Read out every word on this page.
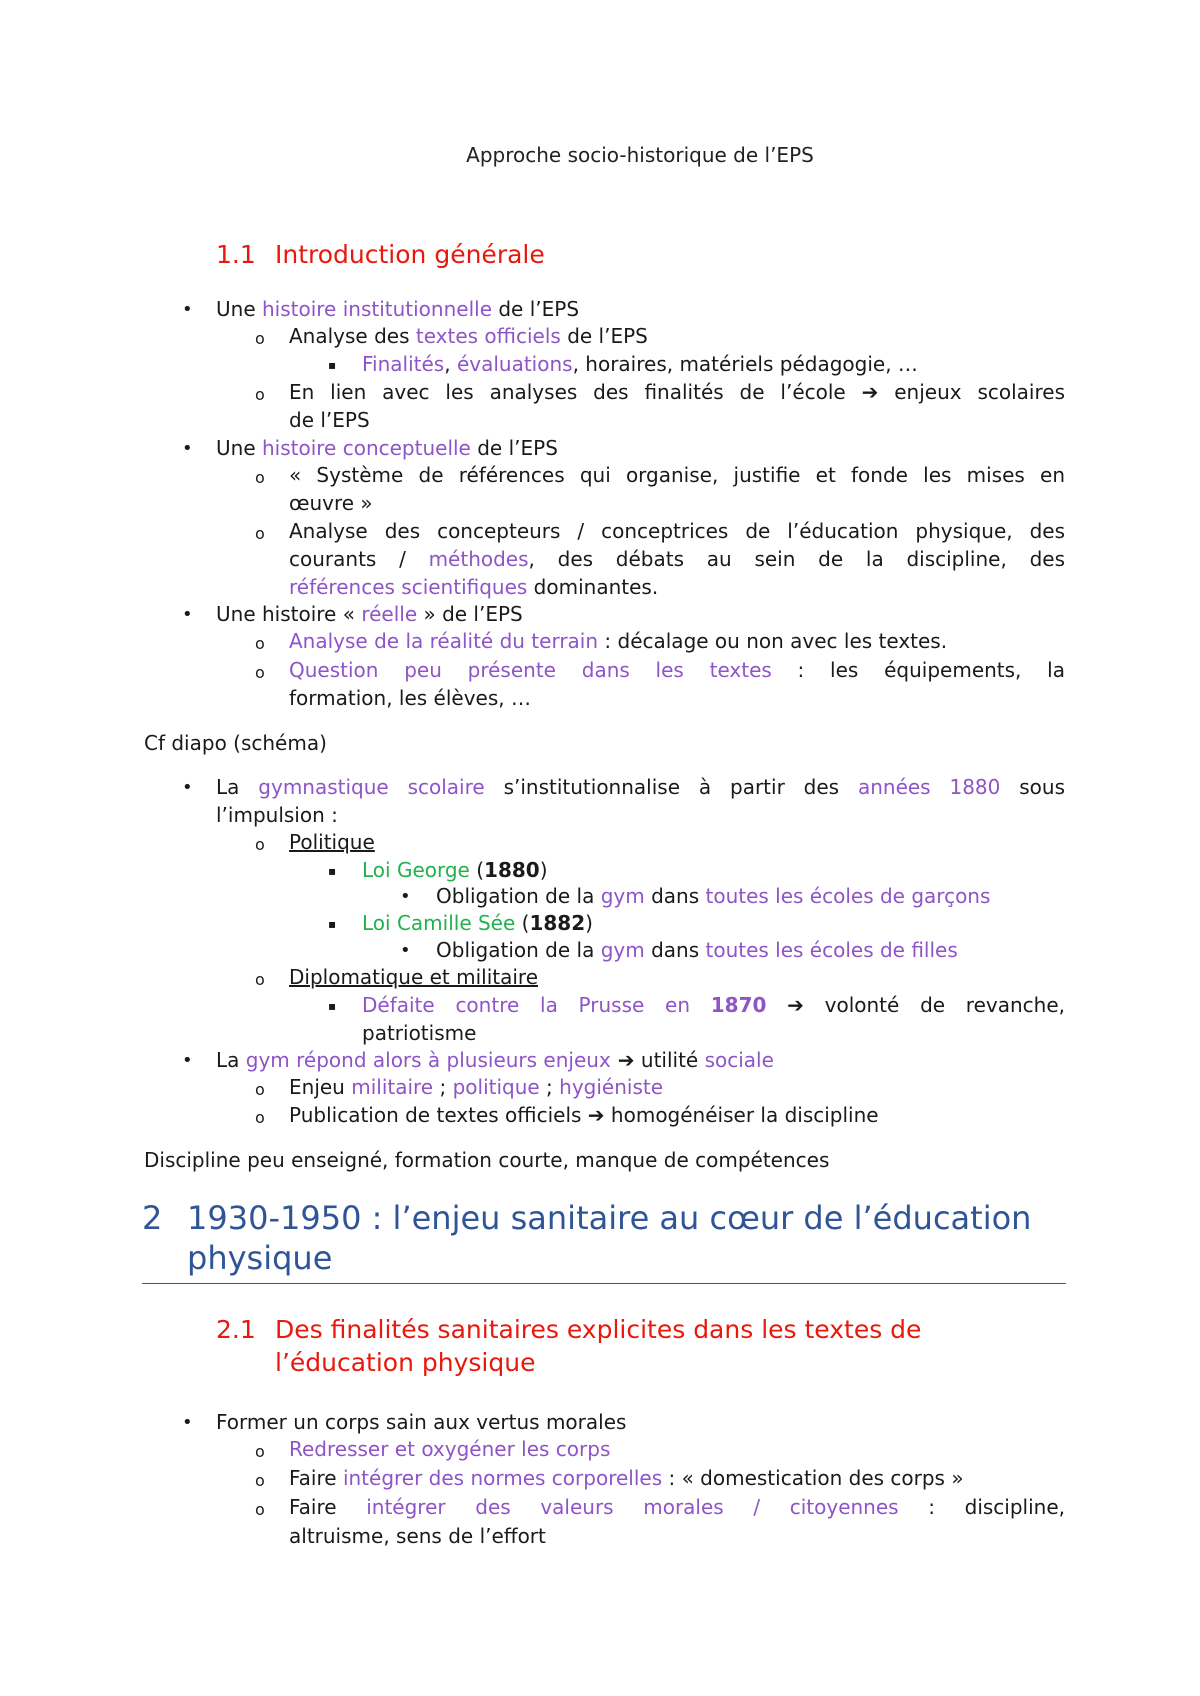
Approche socio-historique de l’EPS
1.1 Introduction générale
• Une histoire institutionnelle de l’EPS
o Analyse des textes officiels de l’EPS
▪ Finalités, évaluations, horaires, matériels pédagogie, …
o En lien avec les analyses des finalités de l’école ➔ enjeux scolaires
de l’EPS
• Une histoire conceptuelle de l’EPS
o « Système de références qui organise, justifie et fonde les mises en
œuvre »
o Analyse des concepteurs / conceptrices de l’éducation physique, des
courants / méthodes, des débats au sein de la discipline, des
références scientifiques dominantes.
• Une histoire « réelle » de l’EPS
o Analyse de la réalité du terrain : décalage ou non avec les textes.
o Question peu présente dans les textes : les équipements, la
formation, les élèves, …
Cf diapo (schéma)
• La gymnastique scolaire s’institutionnalise à partir des années 1880 sous
l’impulsion :
o Politique
▪ Loi George (1880)
• Obligation de la gym dans toutes les écoles de garçons
▪ Loi Camille Sée (1882)
• Obligation de la gym dans toutes les écoles de filles
o Diplomatique et militaire
▪ Défaite contre la Prusse en 1870 ➔ volonté de revanche,
patriotisme
• La gym répond alors à plusieurs enjeux ➔ utilité sociale
o Enjeu militaire ; politique ; hygiéniste
o Publication de textes officiels ➔ homogénéiser la discipline
Discipline peu enseigné, formation courte, manque de compétences
2 1930-1950 : l’enjeu sanitaire au cœur de l’éducation
physique
2.1 Des finalités sanitaires explicites dans les textes de
l’éducation physique
• Former un corps sain aux vertus morales
o Redresser et oxygéner les corps
o Faire intégrer des normes corporelles : « domestication des corps »
o Faire intégrer des valeurs morales / citoyennes : discipline,
altruisme, sens de l’effort
